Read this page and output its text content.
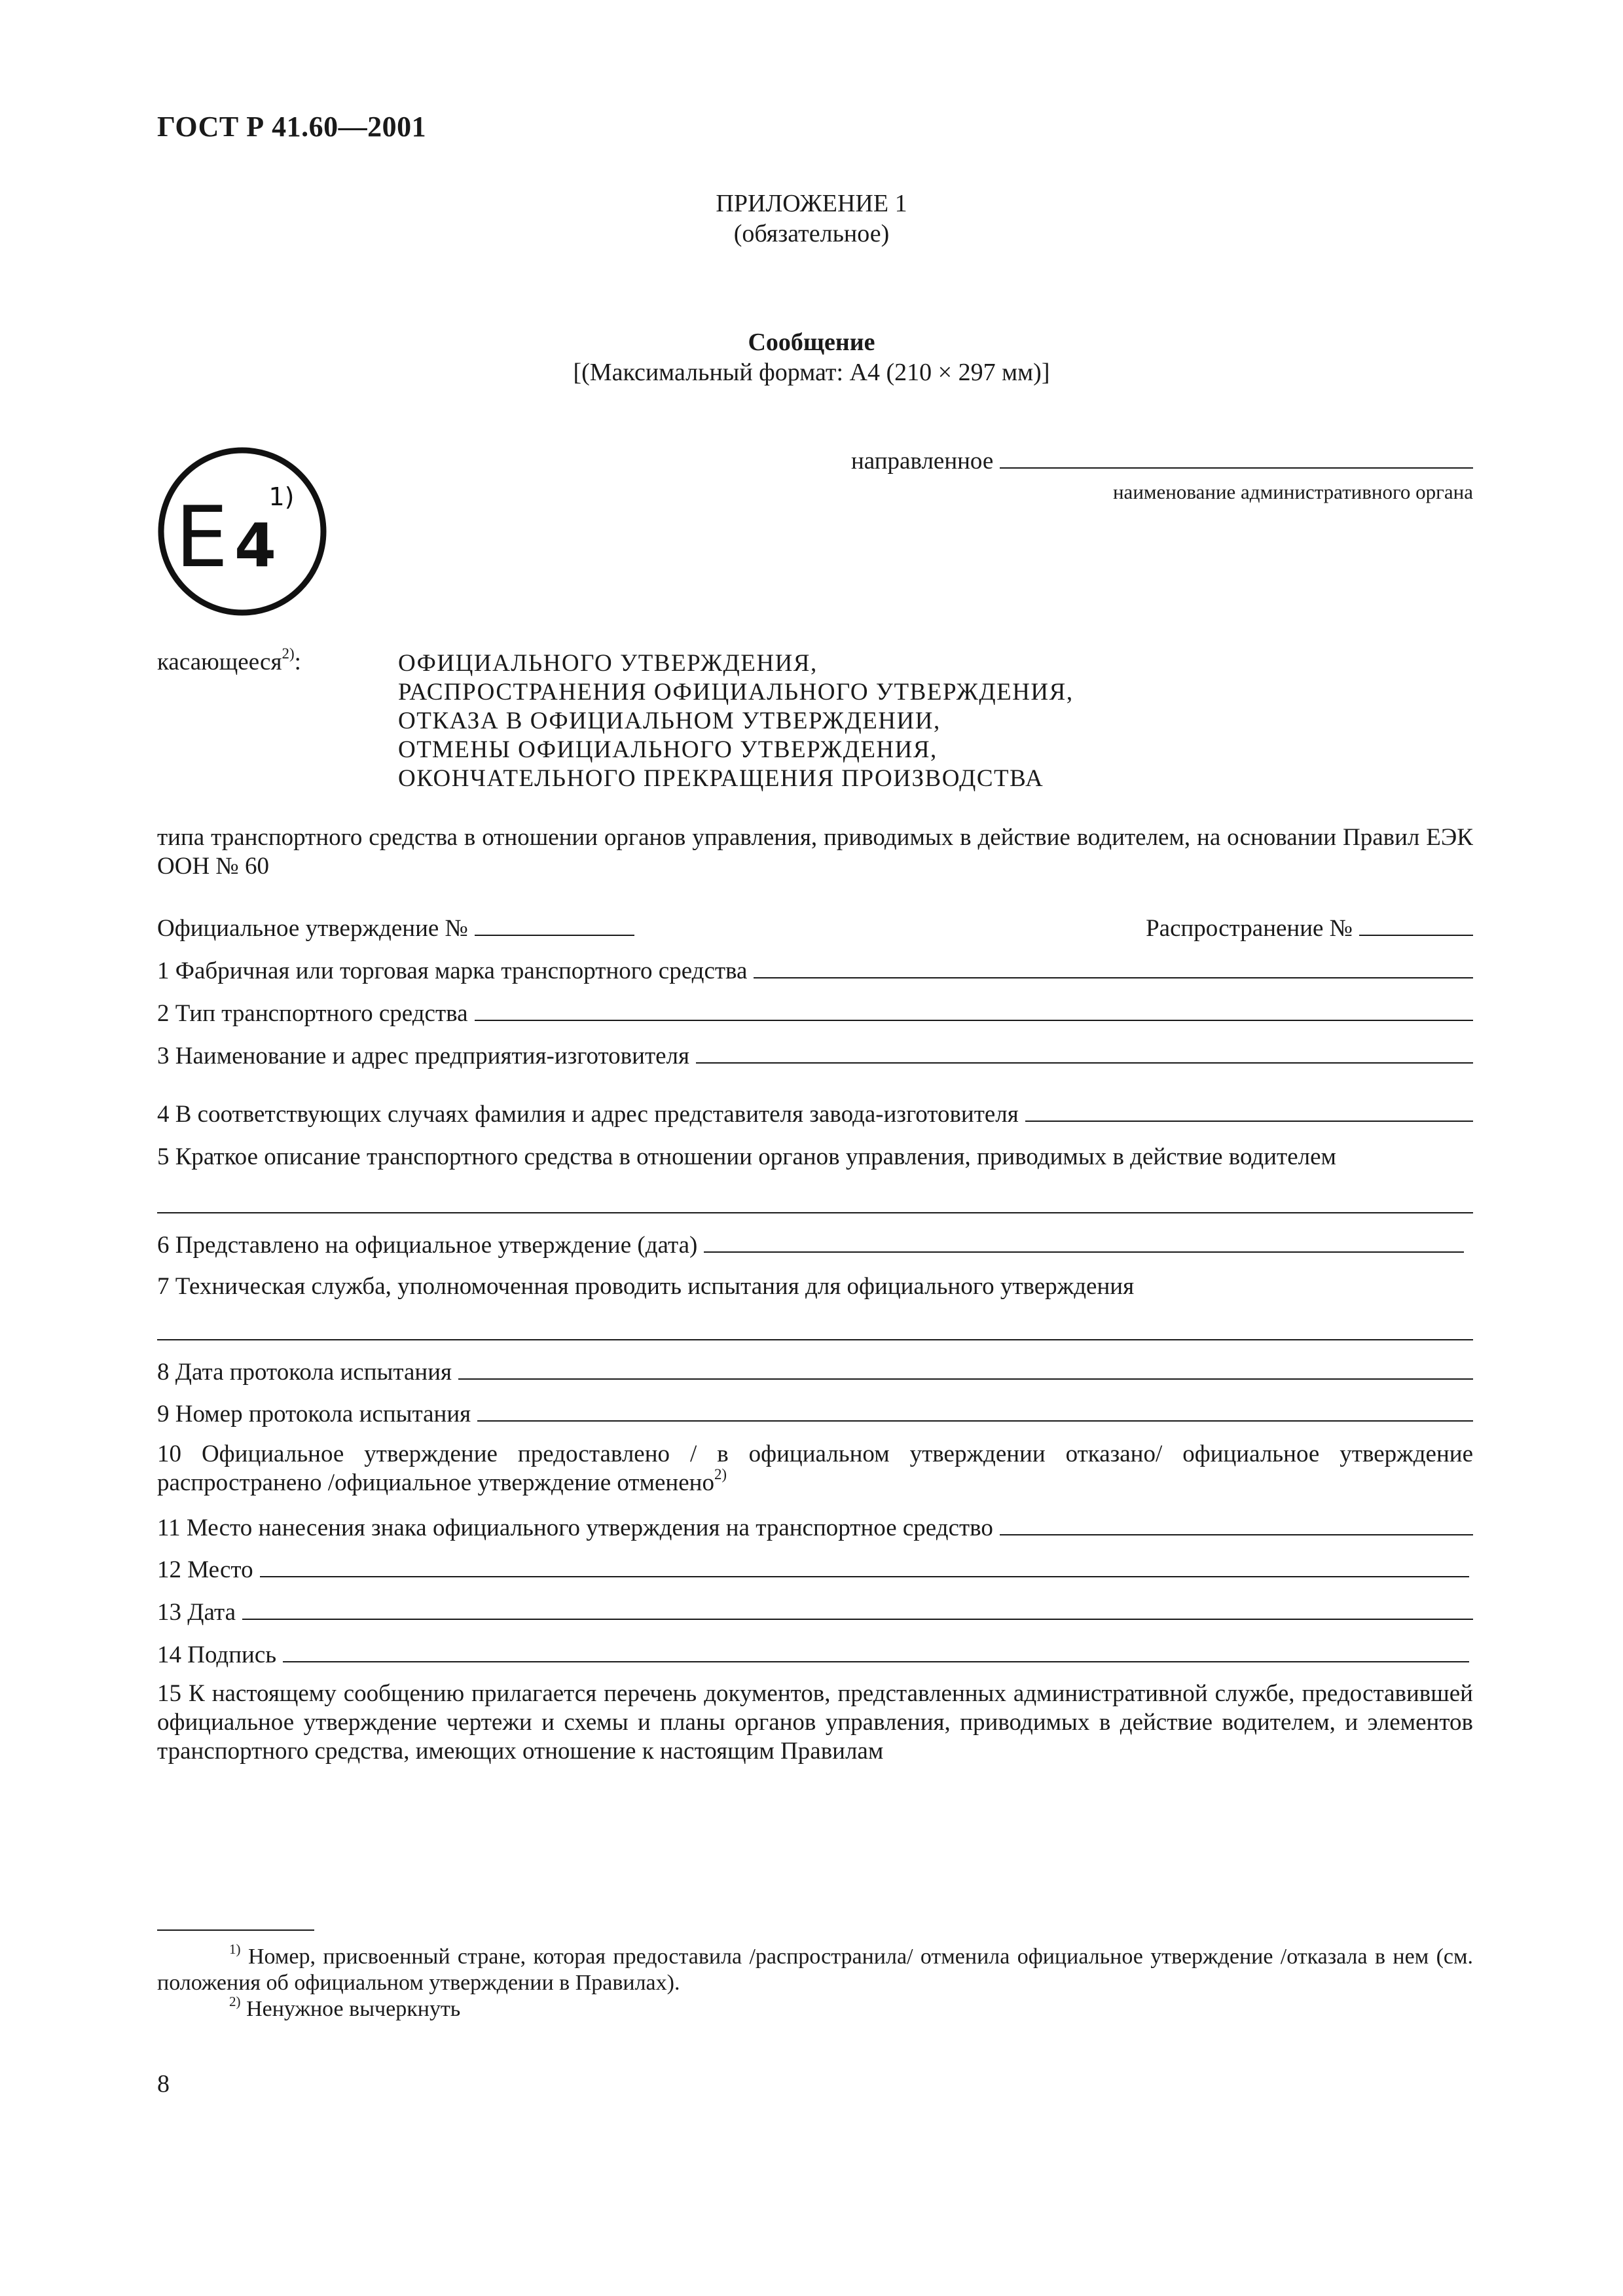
ГОСТ Р 41.60—2001
ПРИЛОЖЕНИЕ 1
(обязательное)
Сообщение
[(Максимальный формат: А4 (210 × 297 мм)]
направленное
наименование административного органа
E 4
1)
касающееся$^{2)}$:	ОФИЦИАЛЬНОГО УТВЕРЖДЕНИЯ,
РАСПРОСТРАНЕНИЯ ОФИЦИАЛЬНОГО УТВЕРЖДЕНИЯ,
ОТКАЗА В ОФИЦИАЛЬНОМ УТВЕРЖДЕНИИ,
ОТМЕНЫ ОФИЦИАЛЬНОГО УТВЕРЖДЕНИЯ,
ОКОНЧАТЕЛЬНОГО ПРЕКРАЩЕНИЯ ПРОИЗВОДСТВА
типа транспортного средства в отношении органов управления, приводимых в действие водителем, на основании Правил ЕЭК ООН № 60
Официальное утверждение №	Распространение №
1 Фабричная или торговая марка транспортного средства
2 Тип транспортного средства
3 Наименование и адрес предприятия-изготовителя
4 В соответствующих случаях фамилия и адрес представителя завода-изготовителя
5 Краткое описание транспортного средства в отношении органов управления, приводимых в действие водителем
6 Представлено на официальное утверждение (дата)
7 Техническая служба, уполномоченная проводить испытания для официального утверждения
8 Дата протокола испытания
9 Номер протокола испытания
10 Официальное утверждение предоставлено / в официальном утверждении отказано/ официальное утверждение распространено /официальное утверждение отменено$^{2)}$
11 Место нанесения знака официального утверждения на транспортное средство
12 Место
13 Дата
14 Подпись
15 К настоящему сообщению прилагается перечень документов, представленных административной службе, предоставившей официальное утверждение чертежи и схемы и планы органов управления, приводимых в действие водителем, и элементов транспортного средства, имеющих отношение к настоящим Правилам
$^{1)}$ Номер, присвоенный стране, которая предоставила /распространила/ отменила официальное утверждение /отказала в нем (см. положения об официальном утверждении в Правилах).
$^{2)}$ Ненужное вычеркнуть
8
